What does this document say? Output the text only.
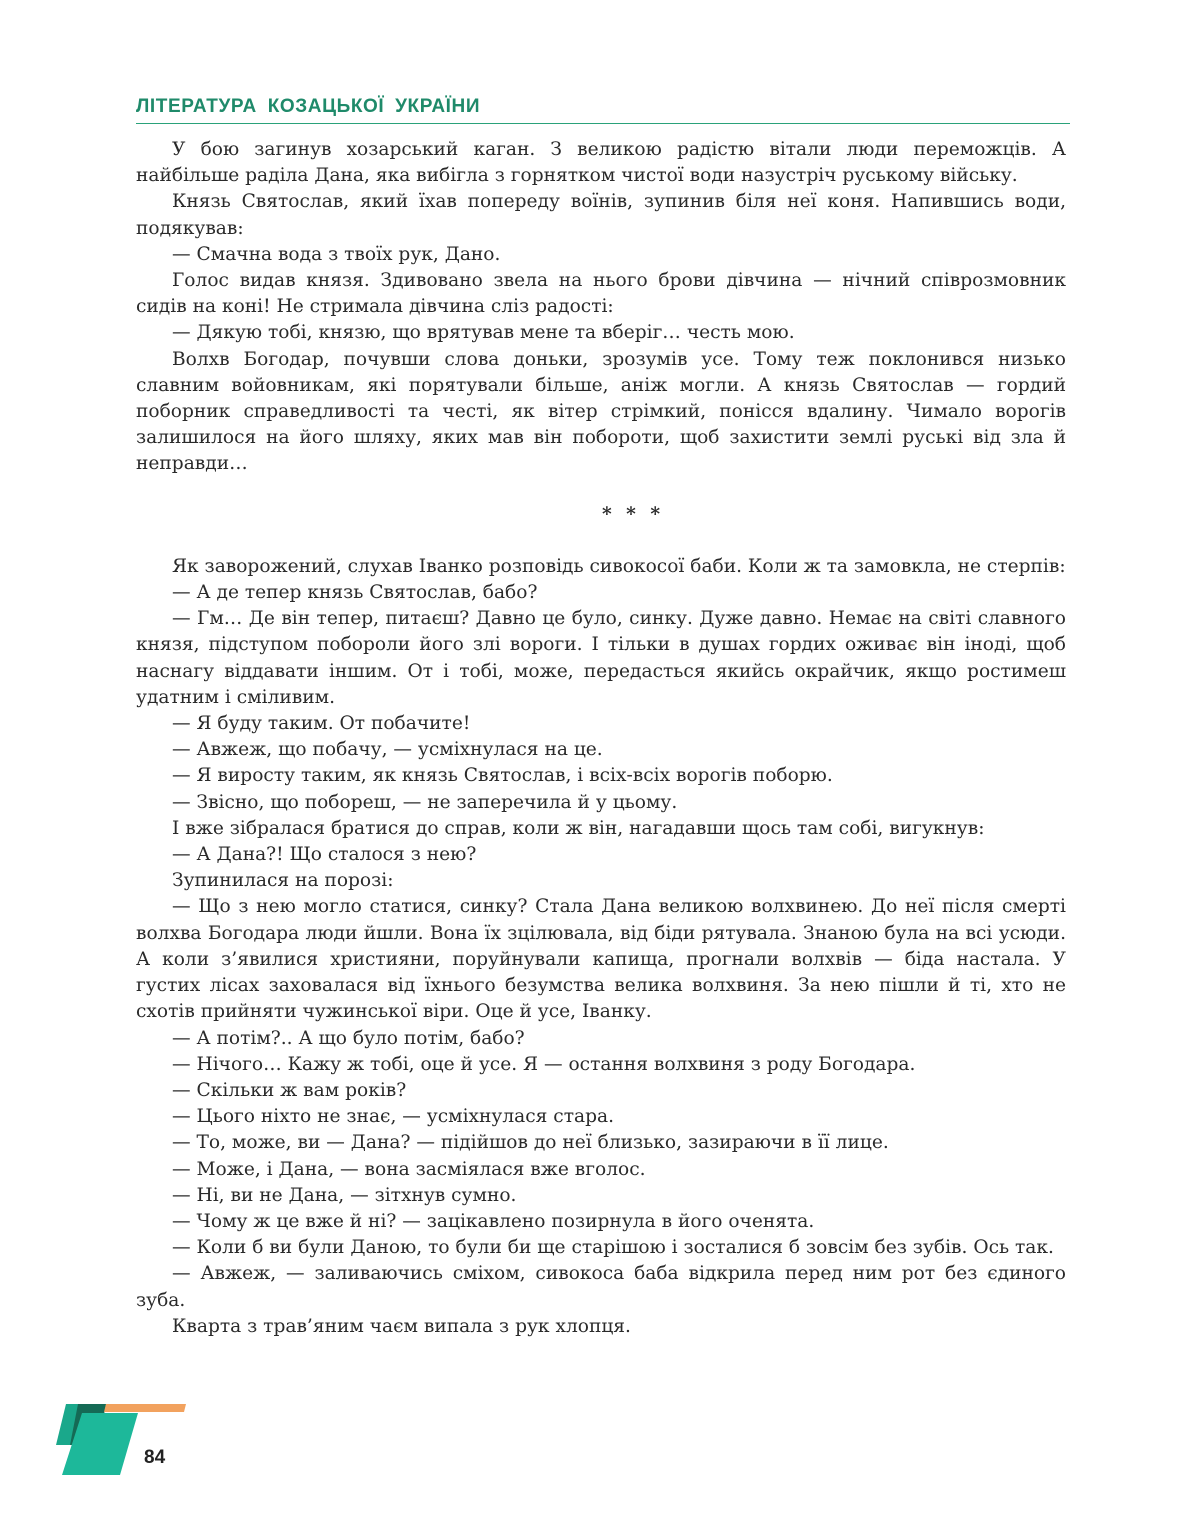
ЛІТЕРАТУРА КОЗАЦЬКОЇ УКРАЇНИ

У бою загинув хозарський каган. З великою радістю вітали люди переможців. А найбільше раділа Дана, яка вибігла з горнятком чистої води назустріч руському війську.

Князь Святослав, який їхав попереду воїнів, зупинив біля неї коня. Напившись води, подякував:

— Смачна вода з твоїх рук, Дано.

Голос видав князя. Здивовано звела на нього брови дівчина — нічний співрозмовник сидів на коні! Не стримала дівчина сліз радості:

— Дякую тобі, князю, що врятував мене та вберіг… честь мою.

Волхв Богодар, почувши слова доньки, зрозумів усе. Тому теж поклонився низько славним войовникам, які порятували більше, аніж могли. А князь Святослав — гордий поборник справедливості та честі, як вітер стрімкий, понісся вдалину. Чимало ворогів залишилося на його шляху, яких мав він побороти, щоб захистити землі руські від зла й неправди…

* * *

Як заворожений, слухав Іванко розповідь сивокосої баби. Коли ж та замовкла, не стерпів:

— А де тепер князь Святослав, бабо?

— Гм… Де він тепер, питаєш? Давно це було, синку. Дуже давно. Немає на світі славного князя, підступом побороли його злі вороги. І тільки в душах гордих оживає він іноді, щоб наснагу віддавати іншим. От і тобі, може, передасться якийсь окрайчик, якщо ростимеш удатним і сміливим.

— Я буду таким. От побачите!

— Авжеж, що побачу, — усміхнулася на це.

— Я виросту таким, як князь Святослав, і всіх-всіх ворогів поборю.

— Звісно, що побореш, — не заперечила й у цьому.

І вже зібралася братися до справ, коли ж він, нагадавши щось там собі, вигукнув:

— А Дана?! Що сталося з нею?

Зупинилася на порозі:

— Що з нею могло статися, синку? Стала Дана великою волхвинею. До неї після смерті волхва Богодара люди йшли. Вона їх зцілювала, від біди рятувала. Знаною була на всі усюди. А коли з’явилися християни, поруйнували капища, прогнали волхвів — біда настала. У густих лісах заховалася від їхнього безумства велика волхвиня. За нею пішли й ті, хто не схотів прийняти чужинської віри. Оце й усе, Іванку.

— А потім?.. А що було потім, бабо?

— Нічого… Кажу ж тобі, оце й усе. Я — остання волхвиня з роду Богодара.

— Скільки ж вам років?

— Цього ніхто не знає, — усміхнулася стара.

— То, може, ви — Дана? — підійшов до неї близько, зазираючи в її лице.

— Може, і Дана, — вона засміялася вже вголос.

— Ні, ви не Дана, — зітхнув сумно.

— Чому ж це вже й ні? — зацікавлено позирнула в його оченята.

— Коли б ви були Даною, то були би ще старішою і зосталися б зовсім без зубів. Ось так.

— Авжеж, — заливаючись сміхом, сивокоса баба відкрила перед ним рот без єдиного зуба.

Кварта з трав’яним чаєм випала з рук хлопця.

84
